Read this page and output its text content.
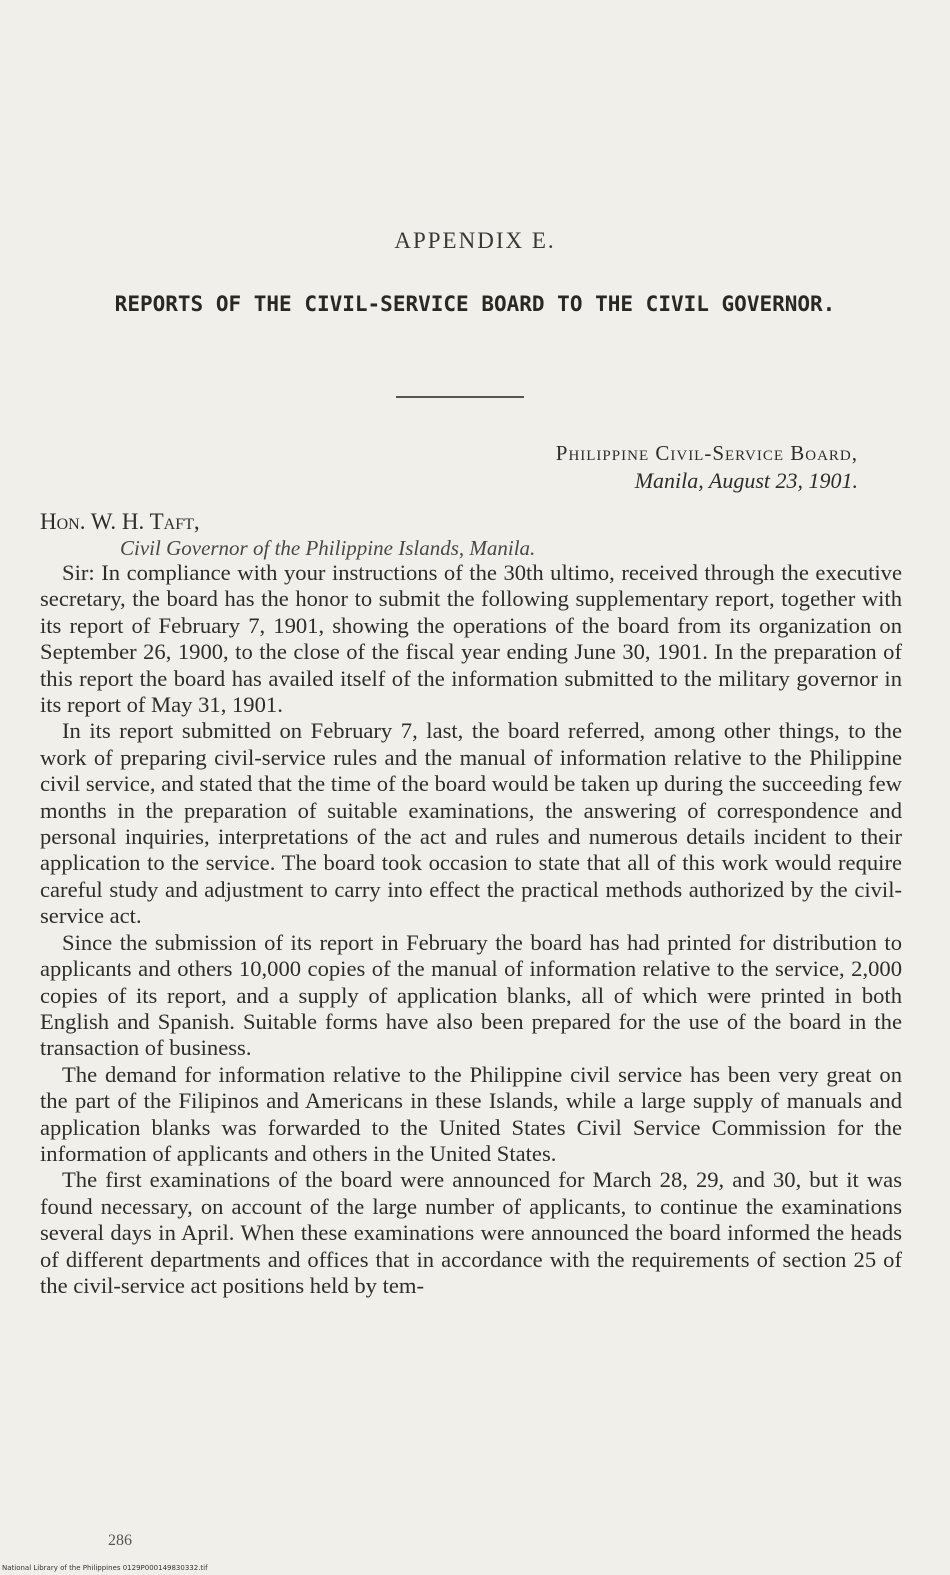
APPENDIX E.
REPORTS OF THE CIVIL-SERVICE BOARD TO THE CIVIL GOVERNOR.
Philippine Civil-Service Board,
Manila, August 23, 1901.
Hon. W. H. Taft,
Civil Governor of the Philippine Islands, Manila.

Sir: In compliance with your instructions of the 30th ultimo, received through the executive secretary, the board has the honor to submit the following supplementary report, together with its report of February 7, 1901, showing the operations of the board from its organization on September 26, 1900, to the close of the fiscal year ending June 30, 1901. In the preparation of this report the board has availed itself of the information submitted to the military governor in its report of May 31, 1901.

In its report submitted on February 7, last, the board referred, among other things, to the work of preparing civil-service rules and the manual of information relative to the Philippine civil service, and stated that the time of the board would be taken up during the succeeding few months in the preparation of suitable examinations, the answering of correspondence and personal inquiries, interpretations of the act and rules and numerous details incident to their application to the service. The board took occasion to state that all of this work would require careful study and adjustment to carry into effect the practical methods authorized by the civil-service act.

Since the submission of its report in February the board has had printed for distribution to applicants and others 10,000 copies of the manual of information relative to the service, 2,000 copies of its report, and a supply of application blanks, all of which were printed in both English and Spanish. Suitable forms have also been prepared for the use of the board in the transaction of business.

The demand for information relative to the Philippine civil service has been very great on the part of the Filipinos and Americans in these Islands, while a large supply of manuals and application blanks was forwarded to the United States Civil Service Commission for the information of applicants and others in the United States.

The first examinations of the board were announced for March 28, 29, and 30, but it was found necessary, on account of the large number of applicants, to continue the examinations several days in April. When these examinations were announced the board informed the heads of different departments and offices that in accordance with the requirements of section 25 of the civil-service act positions held by tem-

286
National Library of the Philippines 0129P000149830332.tif
